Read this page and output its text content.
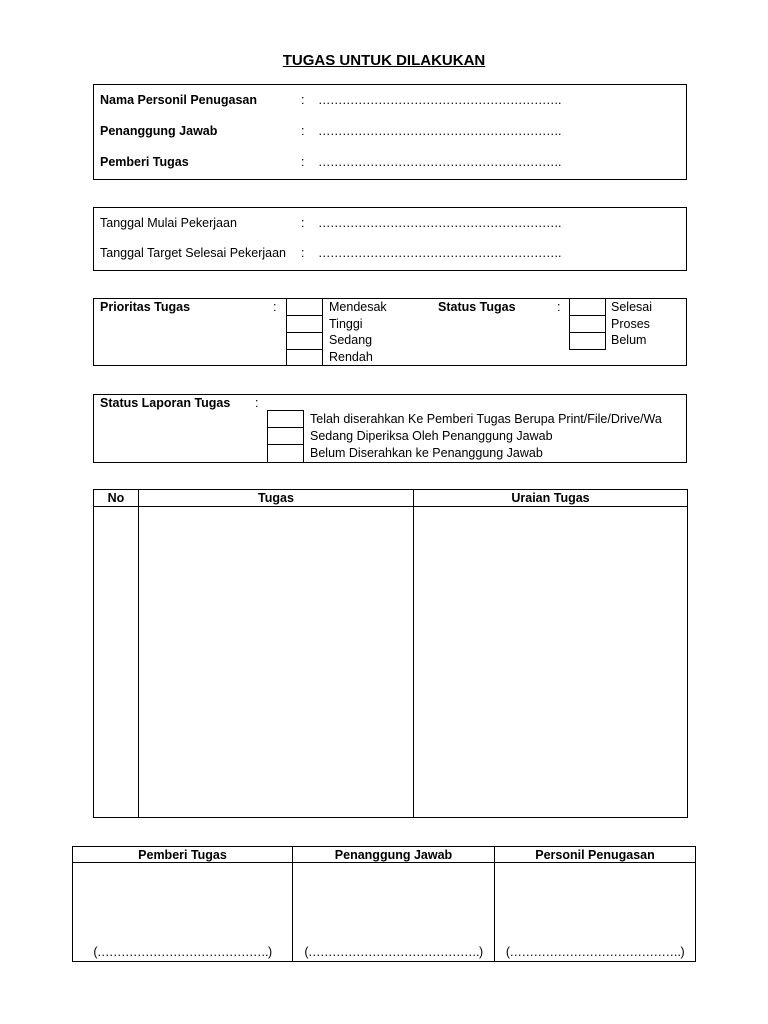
TUGAS UNTUK DILAKUKAN
Nama Personil Penugasan	: …………………………………………………….
Penanggung Jawab	: …………………………………………………….
Pemberi Tugas	: …………………………………………………….
Tanggal Mulai Pekerjaan	: …………………………………………………….
Tanggal Target Selesai Pekerjaan : …………………………………………………….
Prioritas Tugas	:	Mendesak
Tinggi
Sedang
Rendah
Status Tugas	:	Selesai
Proses
Belum
Status Laporan Tugas :
Telah diserahkan Ke Pemberi Tugas Berupa Print/File/Drive/Wa
Sedang Diperiksa Oleh Penanggung Jawab
Belum Diserahkan ke Penanggung Jawab
No	Tugas	Uraian Tugas

Pemberi Tugas	Penanggung Jawab	Personil Penugasan

(…………………………………….)	(…………………………………….)	(…………………………………….)
